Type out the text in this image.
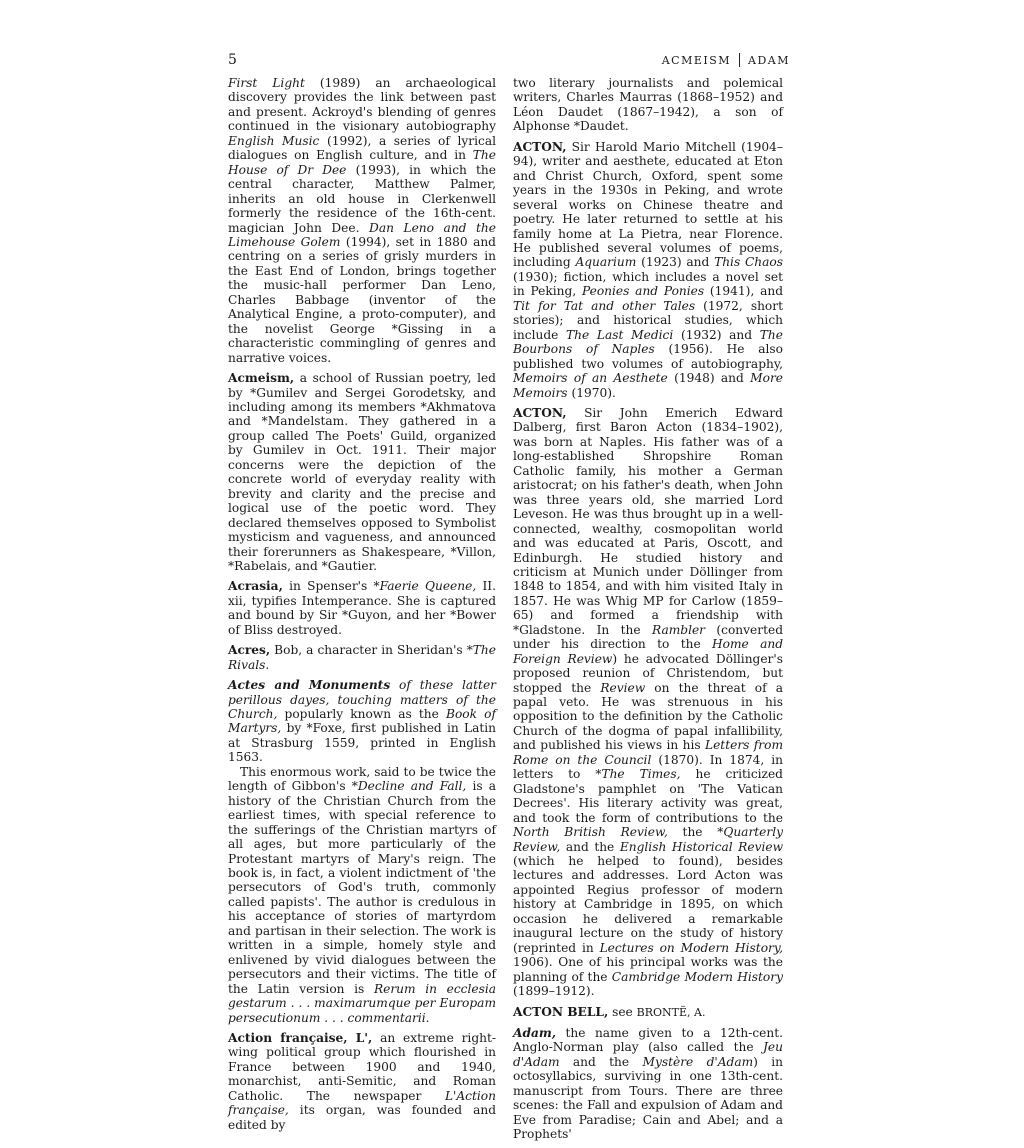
5	ACMEISM ADAM

First Light (1989) an archaeological discovery provides the link between past and present. Ackroyd's blending of genres continued in the visionary autobiography English Music (1992), a series of lyrical dialogues on English culture, and in The House of Dr Dee (1993), in which the central character, Matthew Palmer, inherits an old house in Clerkenwell formerly the residence of the 16th-cent. magician John Dee. Dan Leno and the Limehouse Golem (1994), set in 1880 and centring on a series of grisly murders in the East End of London, brings together the music-hall performer Dan Leno, Charles Babbage (inventor of the Analytical Engine, a proto-computer), and the novelist George *Gissing in a characteristic commingling of genres and narrative voices.

Acmeism, a school of Russian poetry, led by *Gumilev and Sergei Gorodetsky, and including among its members *Akhmatova and *Mandelstam. They gathered in a group called The Poets' Guild, organized by Gumilev in Oct. 1911. Their major concerns were the depiction of the concrete world of everyday reality with brevity and clarity and the precise and logical use of the poetic word. They declared themselves opposed to Symbolist mysticism and vagueness, and announced their forerunners as Shakespeare, *Villon, *Rabelais, and *Gautier.

Acrasia, in Spenser's *Faerie Queene, II. xii, typifies Intemperance. She is captured and bound by Sir *Guyon, and her *Bower of Bliss destroyed.

Acres, Bob, a character in Sheridan's *The Rivals.

Actes and Monuments of these latter perillous dayes, touching matters of the Church, popularly known as the Book of Martyrs, by *Foxe, first published in Latin at Strasburg 1559, printed in English 1563.

This enormous work, said to be twice the length of Gibbon's *Decline and Fall, is a history of the Christian Church from the earliest times, with special reference to the sufferings of the Christian martyrs of all ages, but more particularly of the Protestant martyrs of Mary's reign. The book is, in fact, a violent indictment of 'the persecutors of God's truth, commonly called papists'. The author is credulous in his acceptance of stories of martyrdom and partisan in their selection. The work is written in a simple, homely style and enlivened by vivid dialogues between the persecutors and their victims. The title of the Latin version is Rerum in ecclesia gestarum . . . maximarumque per Europam persecutionum . . . commentarii.

Action française, L', an extreme right-wing political group which flourished in France between 1900 and 1940, monarchist, anti-Semitic, and Roman Catholic. The newspaper L'Action française, its organ, was founded and edited by

two literary journalists and polemical writers, Charles Maurras (1868–1952) and Léon Daudet (1867–1942), a son of Alphonse *Daudet.

ACTON, Sir Harold Mario Mitchell (1904–94), writer and aesthete, educated at Eton and Christ Church, Oxford, spent some years in the 1930s in Peking, and wrote several works on Chinese theatre and poetry. He later returned to settle at his family home at La Pietra, near Florence. He published several volumes of poems, including Aquarium (1923) and This Chaos (1930); fiction, which includes a novel set in Peking, Peonies and Ponies (1941), and Tit for Tat and other Tales (1972, short stories); and historical studies, which include The Last Medici (1932) and The Bourbons of Naples (1956). He also published two volumes of autobiography, Memoirs of an Aesthete (1948) and More Memoirs (1970).

ACTON, Sir John Emerich Edward Dalberg, first Baron Acton (1834–1902), was born at Naples. His father was of a long-established Shropshire Roman Catholic family, his mother a German aristocrat; on his father's death, when John was three years old, she married Lord Leveson. He was thus brought up in a well-connected, wealthy, cosmopolitan world and was educated at Paris, Oscott, and Edinburgh. He studied history and criticism at Munich under Döllinger from 1848 to 1854, and with him visited Italy in 1857. He was Whig MP for Carlow (1859–65) and formed a friendship with *Gladstone. In the Rambler (converted under his direction to the Home and Foreign Review) he advocated Döllinger's proposed reunion of Christendom, but stopped the Review on the threat of a papal veto. He was strenuous in his opposition to the definition by the Catholic Church of the dogma of papal infallibility, and published his views in his Letters from Rome on the Council (1870). In 1874, in letters to *The Times, he criticized Gladstone's pamphlet on 'The Vatican Decrees'. His literary activity was great, and took the form of contributions to the North British Review, the *Quarterly Review, and the English Historical Review (which he helped to found), besides lectures and addresses. Lord Acton was appointed Regius professor of modern history at Cambridge in 1895, on which occasion he delivered a remarkable inaugural lecture on the study of history (reprinted in Lectures on Modern History, 1906). One of his principal works was the planning of the Cambridge Modern History (1899–1912).

ACTON BELL, see BRONTË, A.

Adam, the name given to a 12th-cent. Anglo-Norman play (also called the Jeu d'Adam and the Mystère d'Adam) in octosyllabics, surviving in one 13th-cent. manuscript from Tours. There are three scenes: the Fall and expulsion of Adam and Eve from Paradise; Cain and Abel; and a Prophets'
